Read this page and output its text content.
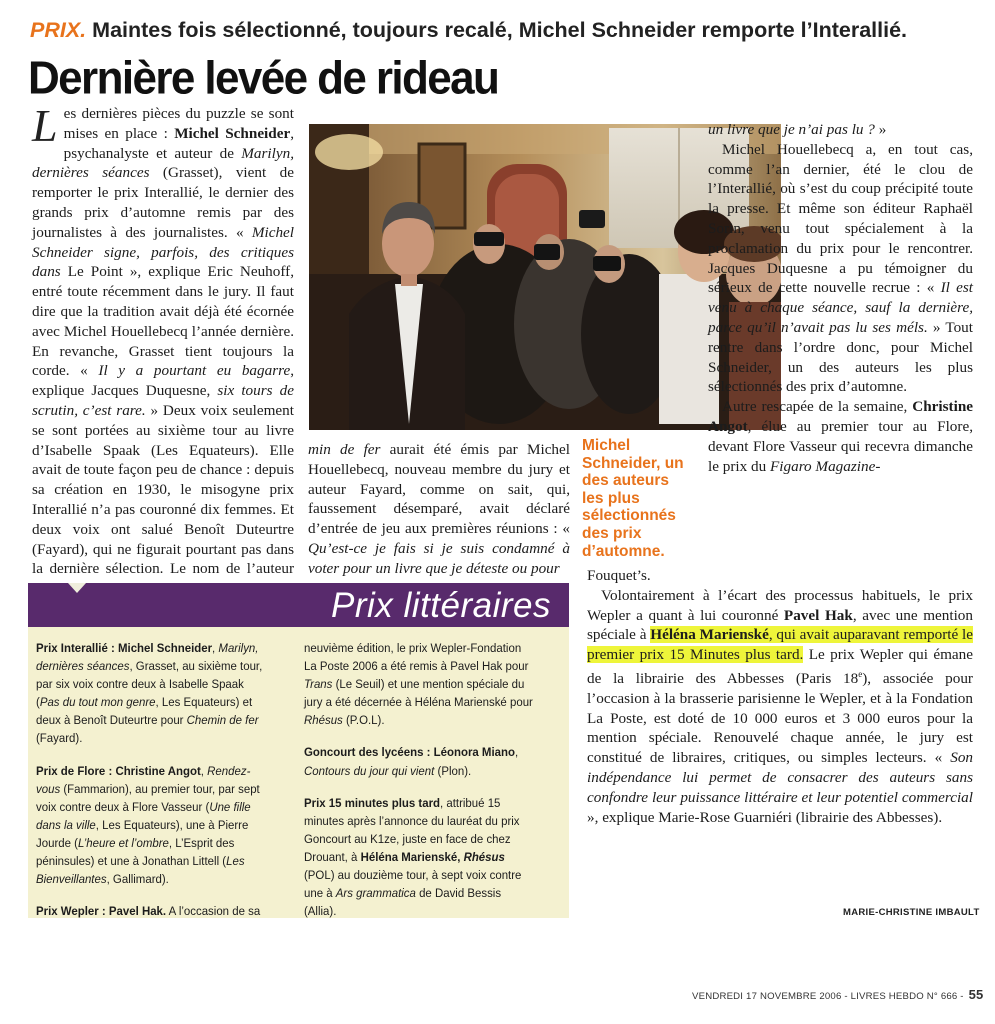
PRIX. Maintes fois sélectionné, toujours recalé, Michel Schneider remporte l’Interallié.
Dernière levée de rideau

Les dernières pièces du puzzle se sont mises en place : Michel Schneider, psychanalyste et auteur de Marilyn, dernières séances (Grasset), vient de remporter le prix Interallié, le dernier des grands prix d’automne remis par des journalistes à des journalistes. « Michel Schneider signe, parfois, des critiques dans Le Point », explique Eric Neuhoff, entré toute récemment dans le jury. Il faut dire que la tradition avait déjà été écornée avec Michel Houellebecq l’année dernière. En revanche, Grasset tient toujours la corde. « Il y a pourtant eu bagarre, explique Jacques Duquesne, six tours de scrutin, c’est rare. » Deux voix seulement se sont portées au sixième tour au livre d’Isabelle Spaak (Les Equateurs). Elle avait de toute façon peu de chance : depuis sa création en 1930, le misogyne prix Interallié n’a pas couronné dix femmes. Et deux voix ont salué Benoît Duteurtre (Fayard), qui ne figurait pourtant pas dans la dernière sélection. Le nom de l’auteur

min de fer aurait été émis par Michel Houellebecq, nouveau membre du jury et auteur Fayard, comme on sait, qui, faussement désemparé, avait déclaré d’entrée de jeu aux premières réunions : « Qu’est-ce je fais si je suis condamné à voter pour un livre que je déteste ou pour

Michel Schneider, un des auteurs les plus sélectionnés des prix d’automne.

un livre que je n’ai pas lu ? »

Michel Houellebecq a, en tout cas, comme l’an dernier, été le clou de l’Interallié, où s’est du coup précipité toute la presse. Et même son éditeur Raphaël Sorin, venu tout spécialement à la proclamation du prix pour le rencontrer. Jacques Duquesne a pu témoigner du sérieux de cette nouvelle recrue : « Il est venu à chaque séance, sauf la dernière, parce qu’il n’avait pas lu ses méls. » Tout rentre dans l’ordre donc, pour Michel Schneider, un des auteurs les plus sélectionnés des prix d’automne.

Autre rescapée de la semaine, Christine Angot, élue au premier tour au Flore, devant Flore Vasseur qui recevra dimanche le prix du Figaro Magazine-

Fouquet’s.

Volontairement à l’écart des processus habituels, le prix Wepler a quant à lui couronné Pavel Hak, avec une mention spéciale à Héléna Marienské, qui avait auparavant remporté le premier prix 15 Minutes plus tard. Le prix Wepler qui émane de la librairie des Abbesses (Paris 18e), associée pour l’occasion à la brasserie parisienne le Wepler, et à la Fondation La Poste, est doté de 10 000 euros et 3 000 euros pour la mention spéciale. Renouvelé chaque année, le jury est constitué de libraires, critiques, ou simples lecteurs. « Son indépendance lui permet de consacrer des auteurs sans confondre leur puissance littéraire et leur potentiel commercial », explique Marie-Rose Guarniéri (librairie des Abbesses).

MARIE-CHRISTINE IMBAULT
Prix littéraires

Prix Interallié : Michel Schneider, Marilyn, dernières séances, Grasset, au sixième tour, par six voix contre deux à Isabelle Spaak (Pas du tout mon genre, Les Equateurs) et deux à Benoît Duteurtre pour Chemin de fer (Fayard).

Prix de Flore : Christine Angot, Rendez-vous (Fammarion), au premier tour, par sept voix contre deux à Flore Vasseur (Une fille dans la ville, Les Equateurs), une à Pierre Jourde (L’heure et l’ombre, L’Esprit des péninsules) et une à Jonathan Littell (Les Bienveillantes, Gallimard).

Prix Wepler : Pavel Hak. A l’occasion de sa

neuvième édition, le prix Wepler-Fondation La Poste 2006 a été remis à Pavel Hak pour Trans (Le Seuil) et une mention spéciale du jury a été décernée à Héléna Marienské pour Rhésus (P.O.L).

Goncourt des lycéens : Léonora Miano, Contours du jour qui vient (Plon).

Prix 15 minutes plus tard, attribué 15 minutes après l’annonce du lauréat du prix Goncourt au K1ze, juste en face de chez Drouant, à Héléna Marienské, Rhésus (POL) au douzième tour, à sept voix contre une à Ars grammatica de David Bessis (Allia).

VENDREDI 17 NOVEMBRE 2006 - LIVRES HEBDO N° 666 - 55
